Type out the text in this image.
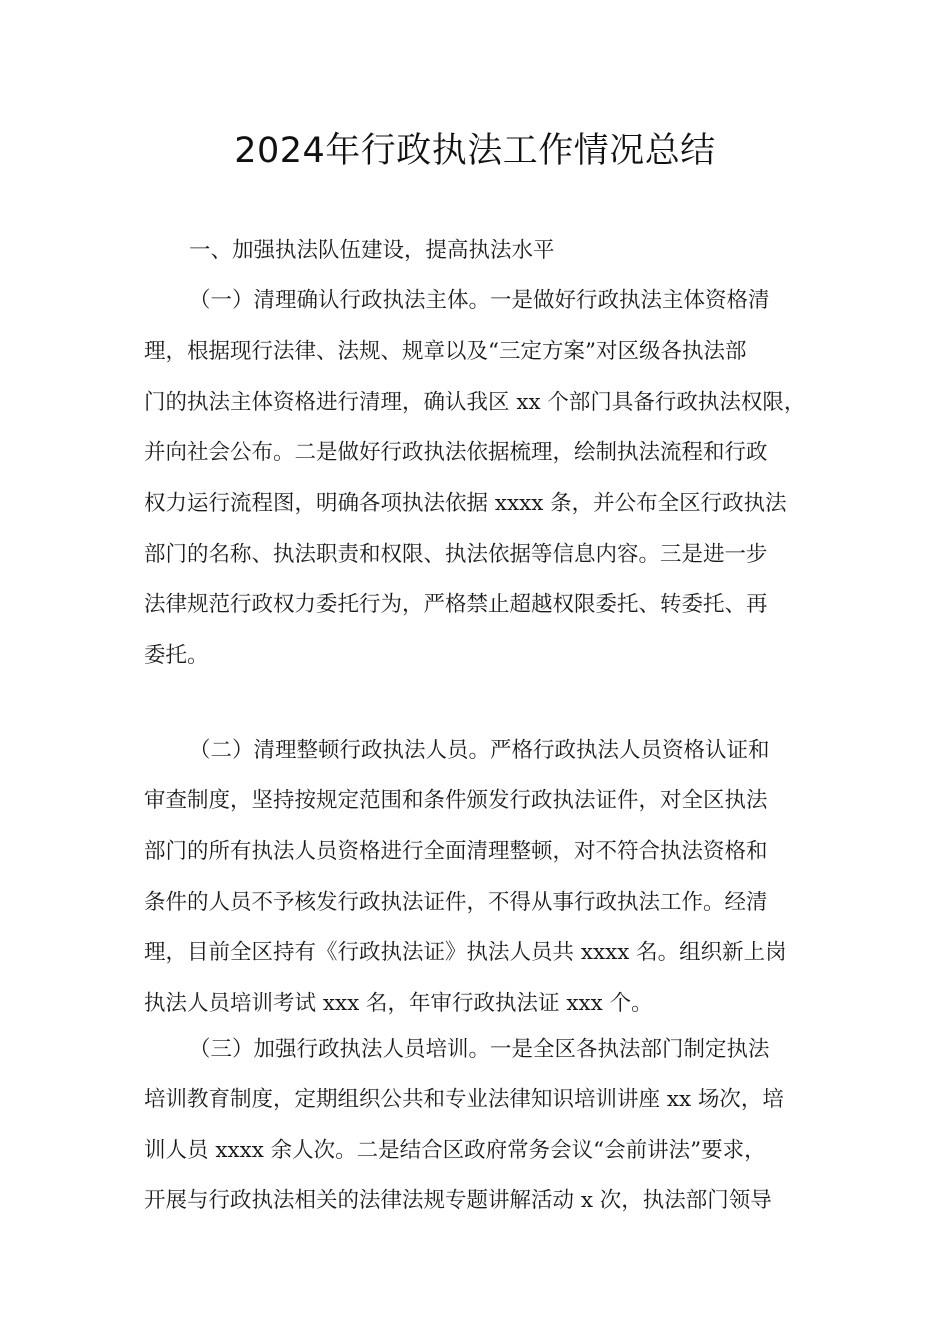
2024年行政执法工作情况总结

一、加强执法队伍建设，提高执法水平

（一）清理确认行政执法主体。一是做好行政执法主体资格清

理，根据现行法律、法规、规章以及“三定方案”对区级各执法部

门的执法主体资格进行清理，确认我区 xx 个部门具备行政执法权限，

并向社会公布。二是做好行政执法依据梳理，绘制执法流程和行政

权力运行流程图，明确各项执法依据 xxxx 条，并公布全区行政执法

部门的名称、执法职责和权限、执法依据等信息内容。三是进一步

法律规范行政权力委托行为，严格禁止超越权限委托、转委托、再

委托。

（二）清理整顿行政执法人员。严格行政执法人员资格认证和

审查制度，坚持按规定范围和条件颁发行政执法证件，对全区执法

部门的所有执法人员资格进行全面清理整顿，对不符合执法资格和

条件的人员不予核发行政执法证件，不得从事行政执法工作。经清

理，目前全区持有《行政执法证》执法人员共 xxxx 名。组织新上岗

执法人员培训考试 xxx 名，年审行政执法证 xxx 个。

（三）加强行政执法人员培训。一是全区各执法部门制定执法

培训教育制度，定期组织公共和专业法律知识培训讲座 xx 场次，培

训人员 xxxx 余人次。二是结合区政府常务会议“会前讲法”要求，

开展与行政执法相关的法律法规专题讲解活动 x 次，执法部门领导
